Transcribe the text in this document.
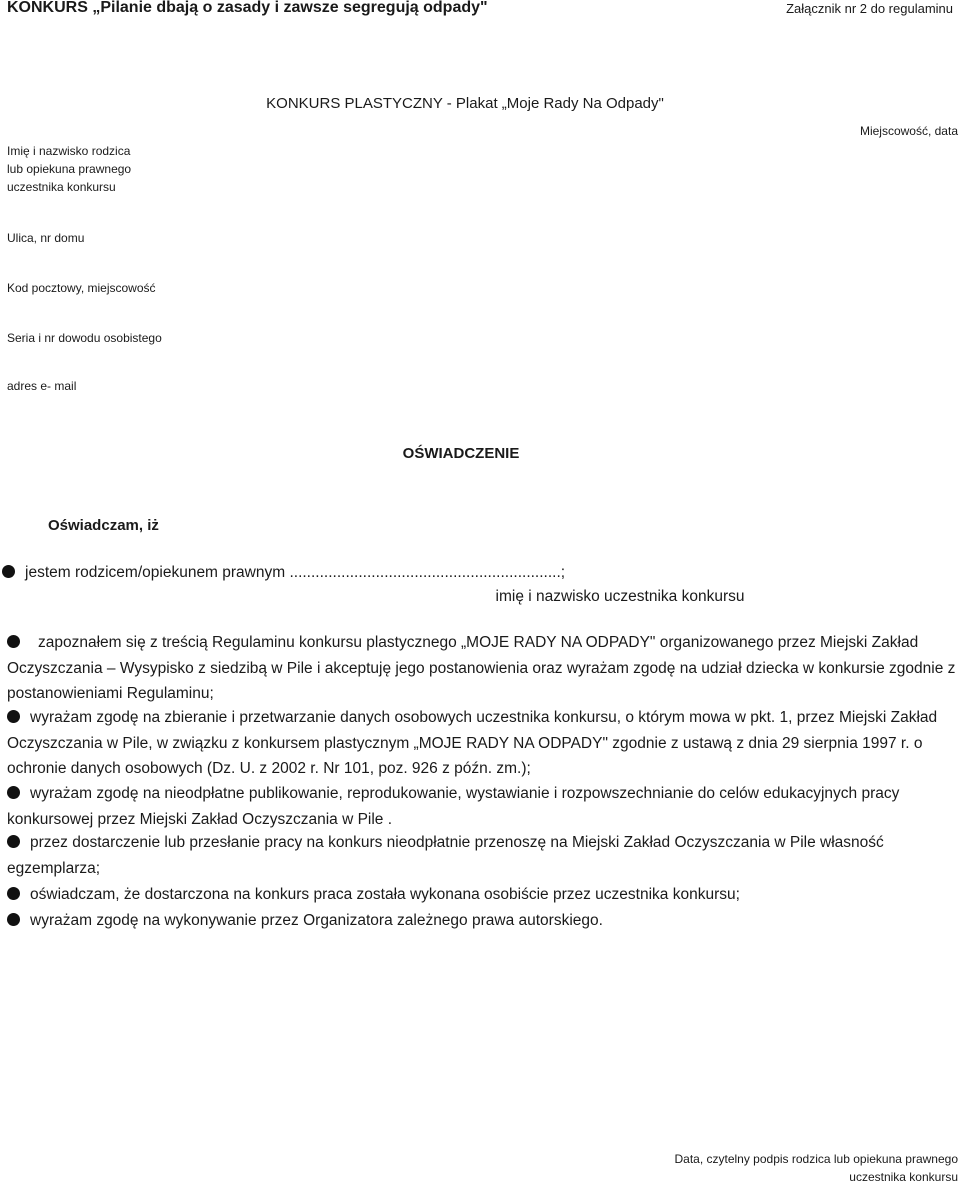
KONKURS „Pilanie dbają o zasady i zawsze segregują odpady"	Załącznik nr 2 do regulaminu
KONKURS PLASTYCZNY - Plakat „Moje Rady Na Odpady"
Imię i nazwisko rodzica
lub opiekuna prawnego
uczestnika konkursu
Miejscowość, data
Ulica, nr domu
Kod pocztowy, miejscowość
Seria i nr dowodu osobistego
adres e- mail
OŚWIADCZENIE
Oświadczam, iż
jestem rodzicem/opiekunem prawnym ...............................................................;
imię i nazwisko uczestnika konkursu
zapoznałem się z treścią Regulaminu konkursu plastycznego „MOJE RADY NA ODPADY" organizowanego przez Miejski Zakład Oczyszczania – Wysypisko z siedzibą w Pile i akceptuję jego postanowienia oraz wyrażam zgodę na udział dziecka w konkursie zgodnie z postanowieniami Regulaminu;
wyrażam zgodę na zbieranie i przetwarzanie danych osobowych uczestnika konkursu, o którym mowa w pkt. 1, przez Miejski Zakład Oczyszczania w Pile, w związku z konkursem plastycznym „MOJE RADY NA ODPADY" zgodnie z ustawą z dnia 29 sierpnia 1997 r. o ochronie danych osobowych (Dz. U. z 2002 r. Nr 101, poz. 926 z późn. zm.);
wyrażam zgodę na nieodpłatne publikowanie, reprodukowanie, wystawianie i rozpowszechnianie do celów edukacyjnych pracy konkursowej przez Miejski Zakład Oczyszczania w Pile .
przez dostarczenie lub przesłanie pracy na konkurs nieodpłatnie przenoszę na Miejski Zakład Oczyszczania w Pile własność egzemplarza;
oświadczam, że dostarczona na konkurs praca została wykonana osobiście przez uczestnika konkursu;
wyrażam zgodę na wykonywanie przez Organizatora zależnego prawa autorskiego.
Data, czytelny podpis rodzica lub opiekuna prawnego
uczestnika konkursu
